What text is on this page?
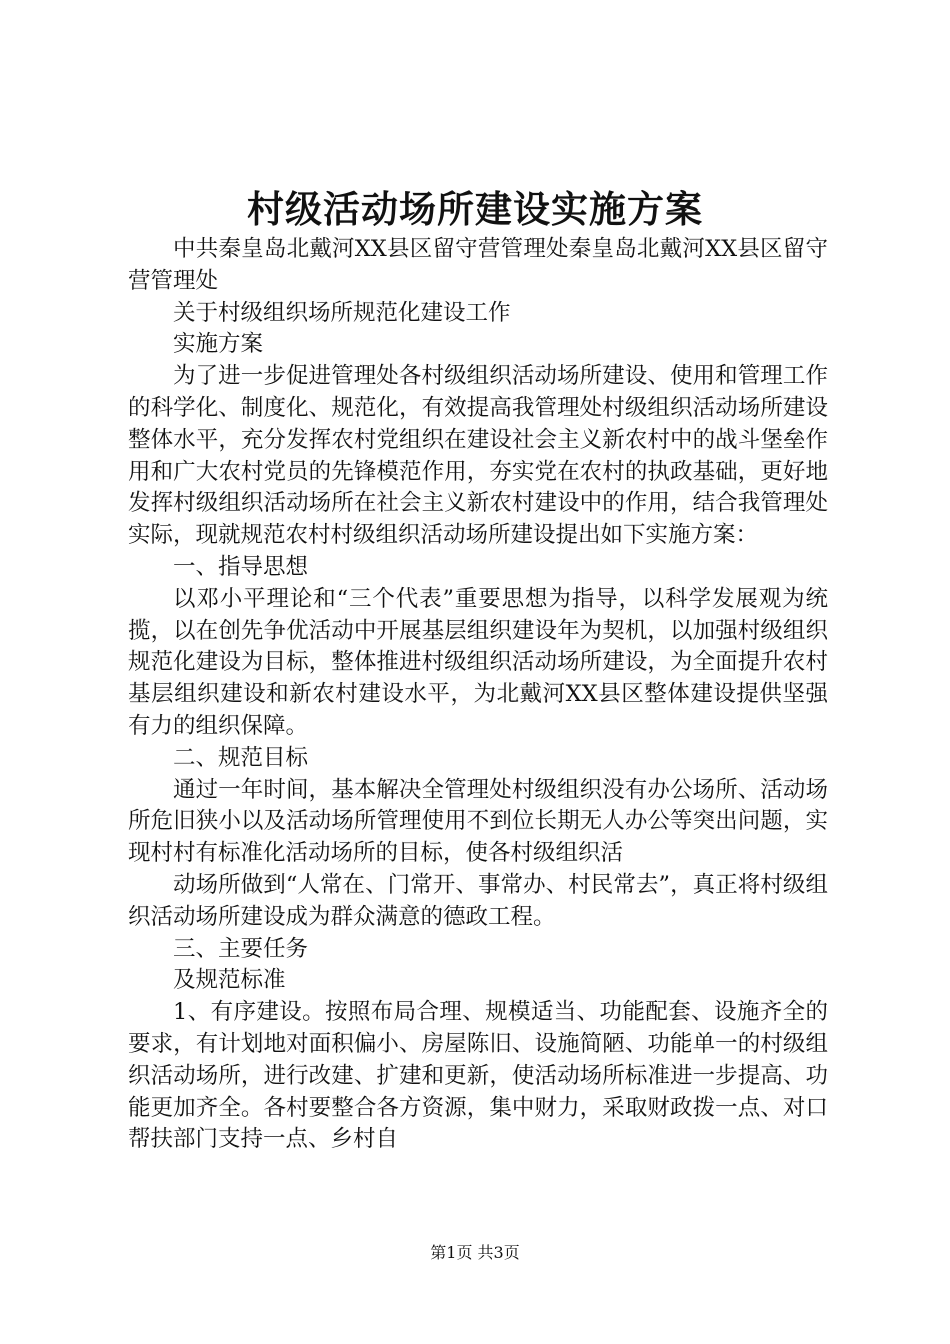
村级活动场所建设实施方案

中共秦皇岛北戴河XX县区留守营管理处秦皇岛北戴河XX县区留守营管理处

关于村级组织场所规范化建设工作

实施方案

为了进一步促进管理处各村级组织活动场所建设、使用和管理工作的科学化、制度化、规范化，有效提高我管理处村级组织活动场所建设整体水平，充分发挥农村党组织在建设社会主义新农村中的战斗堡垒作用和广大农村党员的先锋模范作用，夯实党在农村的执政基础，更好地发挥村级组织活动场所在社会主义新农村建设中的作用，结合我管理处实际，现就规范农村村级组织活动场所建设提出如下实施方案：

一、指导思想

以邓小平理论和“三个代表”重要思想为指导，以科学发展观为统揽，以在创先争优活动中开展基层组织建设年为契机，以加强村级组织规范化建设为目标，整体推进村级组织活动场所建设，为全面提升农村基层组织建设和新农村建设水平，为北戴河XX县区整体建设提供坚强有力的组织保障。

二、规范目标

通过一年时间，基本解决全管理处村级组织没有办公场所、活动场所危旧狭小以及活动场所管理使用不到位长期无人办公等突出问题，实现村村有标准化活动场所的目标，使各村级组织活

动场所做到“人常在、门常开、事常办、村民常去”，真正将村级组织活动场所建设成为群众满意的德政工程。

三、主要任务

及规范标准

1、有序建设。按照布局合理、规模适当、功能配套、设施齐全的要求，有计划地对面积偏小、房屋陈旧、设施简陋、功能单一的村级组织活动场所，进行改建、扩建和更新，使活动场所标准进一步提高、功能更加齐全。各村要整合各方资源，集中财力，采取财政拨一点、对口帮扶部门支持一点、乡村自

第1页 共3页
